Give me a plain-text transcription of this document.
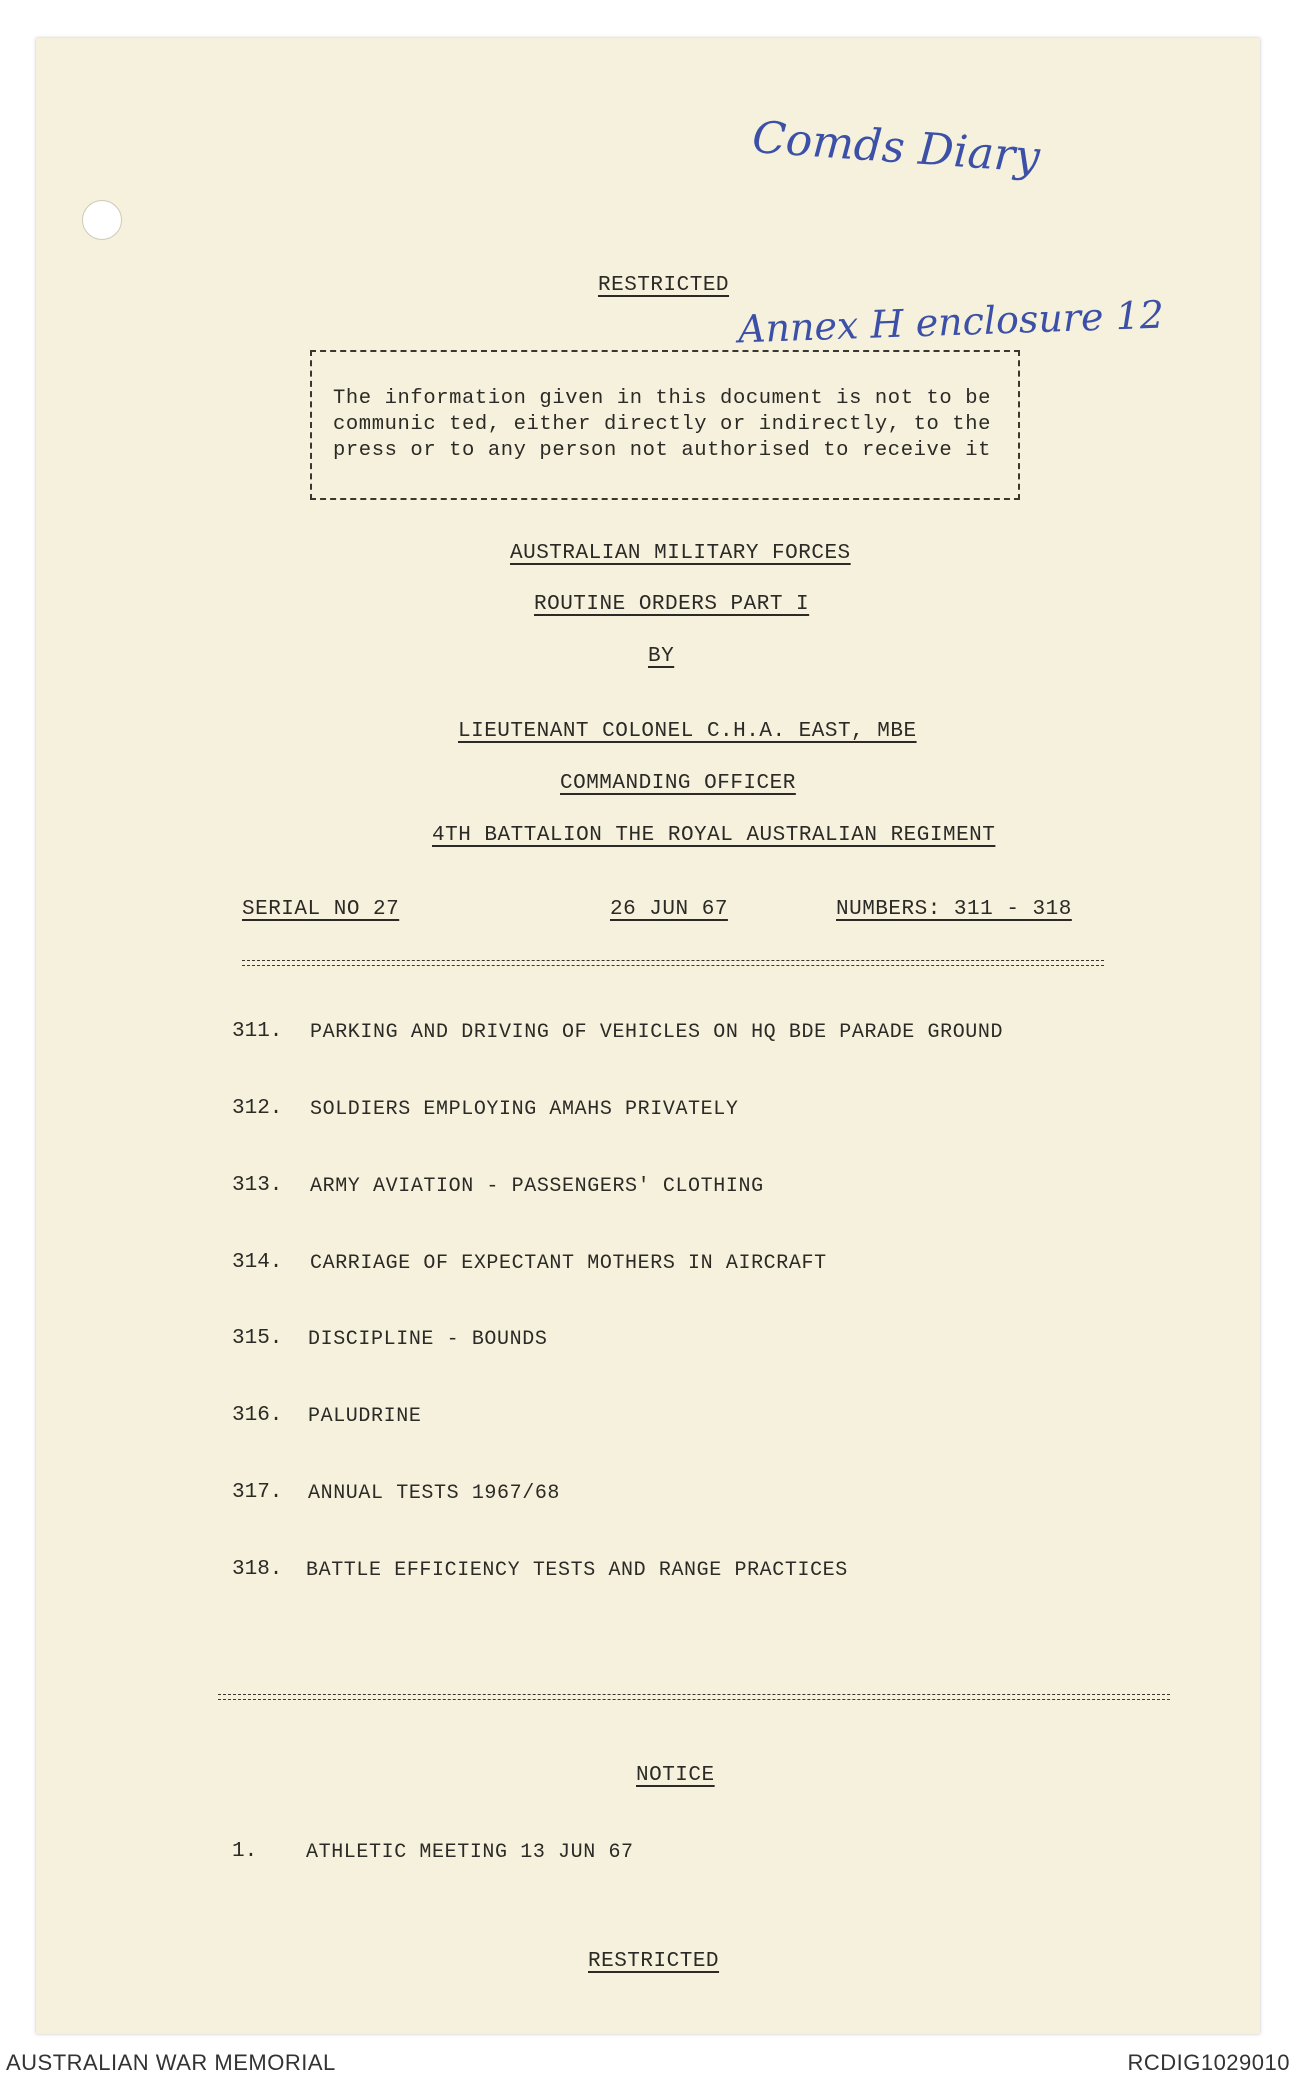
Comds Diary
Annex H enclosure 12
RESTRICTED
The information given in this document is not to be
communic ted, either directly or indirectly, to the
press or to any person not authorised to receive it
AUSTRALIAN MILITARY FORCES
ROUTINE ORDERS PART I
BY
LIEUTENANT COLONEL C.H.A. EAST, MBE
COMMANDING OFFICER
4TH BATTALION THE ROYAL AUSTRALIAN REGIMENT
SERIAL NO 27	26 JUN 67	NUMBERS: 311 - 318
311. PARKING AND DRIVING OF VEHICLES ON HQ BDE PARADE GROUND
312. SOLDIERS EMPLOYING AMAHS PRIVATELY
313. ARMY AVIATION - PASSENGERS' CLOTHING
314. CARRIAGE OF EXPECTANT MOTHERS IN AIRCRAFT
315. DISCIPLINE - BOUNDS
316. PALUDRINE
317. ANNUAL TESTS 1967/68
318. BATTLE EFFICIENCY TESTS AND RANGE PRACTICES
NOTICE
1. ATHLETIC MEETING 13 JUN 67
RESTRICTED
AUSTRALIAN WAR MEMORIAL	RCDIG1029010
